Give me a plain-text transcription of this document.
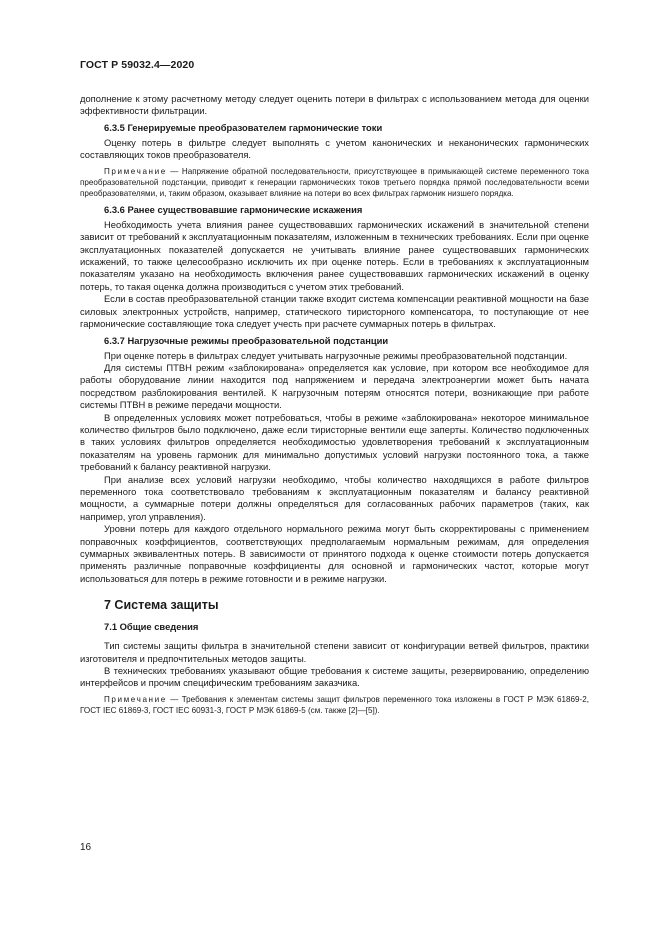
ГОСТ Р 59032.4—2020

дополнение к этому расчетному методу следует оценить потери в фильтрах с использованием метода для оценки эффективности фильтрации.

6.3.5 Генерируемые преобразователем гармонические токи

Оценку потерь в фильтре следует выполнять с учетом канонических и неканонических гармонических составляющих токов преобразователя.

Примечание — Напряжение обратной последовательности, присутствующее в примыкающей системе переменного тока преобразовательной подстанции, приводит к генерации гармонических токов третьего порядка прямой последовательности всеми преобразователями, и, таким образом, оказывает влияние на потери во всех фильтрах гармоник низшего порядка.

6.3.6 Ранее существовавшие гармонические искажения

Необходимость учета влияния ранее существовавших гармонических искажений в значительной степени зависит от требований к эксплуатационным показателям, изложенным в технических требованиях. Если при оценке эксплуатационных показателей допускается не учитывать влияние ранее существовавших гармонических искажений, то также целесообразно исключить их при оценке потерь. Если в требованиях к эксплуатационным показателям указано на необходимость включения ранее существовавших гармонических искажений в оценку потерь, то такая оценка должна производиться с учетом этих требований.

Если в состав преобразовательной станции также входит система компенсации реактивной мощности на базе силовых электронных устройств, например, статического тиристорного компенсатора, то поступающие от нее гармонические составляющие тока следует учесть при расчете суммарных потерь в фильтрах.

6.3.7 Нагрузочные режимы преобразовательной подстанции

При оценке потерь в фильтрах следует учитывать нагрузочные режимы преобразовательной подстанции.

Для системы ПТВН режим «заблокирована» определяется как условие, при котором все необходимое для работы оборудование линии находится под напряжением и передача электроэнергии может быть начата посредством разблокирования вентилей. К нагрузочным потерям относятся потери, возникающие при работе системы ПТВН в режиме передачи мощности.

В определенных условиях может потребоваться, чтобы в режиме «заблокирована» некоторое минимальное количество фильтров было подключено, даже если тиристорные вентили еще заперты. Количество подключенных в таких условиях фильтров определяется необходимостью удовлетворения требований к эксплуатационным показателям на уровень гармоник для минимально допустимых условий нагрузки постоянного тока, а также требований к балансу реактивной нагрузки.

При анализе всех условий нагрузки необходимо, чтобы количество находящихся в работе фильтров переменного тока соответствовало требованиям к эксплуатационным показателям и балансу реактивной мощности, а суммарные потери должны определяться для согласованных рабочих параметров (таких, как например, угол управления).

Уровни потерь для каждого отдельного нормального режима могут быть скорректированы с применением поправочных коэффициентов, соответствующих предполагаемым нормальным режимам, для определения суммарных эквивалентных потерь. В зависимости от принятого подхода к оценке стоимости потерь допускается применять различные поправочные коэффициенты для основной и гармонических частот, которые могут использоваться для потерь в режиме готовности и в режиме нагрузки.

7 Система защиты
7.1 Общие сведения

Тип системы защиты фильтра в значительной степени зависит от конфигурации ветвей фильтров, практики изготовителя и предпочтительных методов защиты.

В технических требованиях указывают общие требования к системе защиты, резервированию, определению интерфейсов и прочим специфическим требованиям заказчика.

Примечание — Требования к элементам системы защит фильтров переменного тока изложены в ГОСТ Р МЭК 61869-2, ГОСТ IEC 61869-3, ГОСТ IEC 60931-3, ГОСТ Р МЭК 61869-5 (см. также [2]—[5]).

16
